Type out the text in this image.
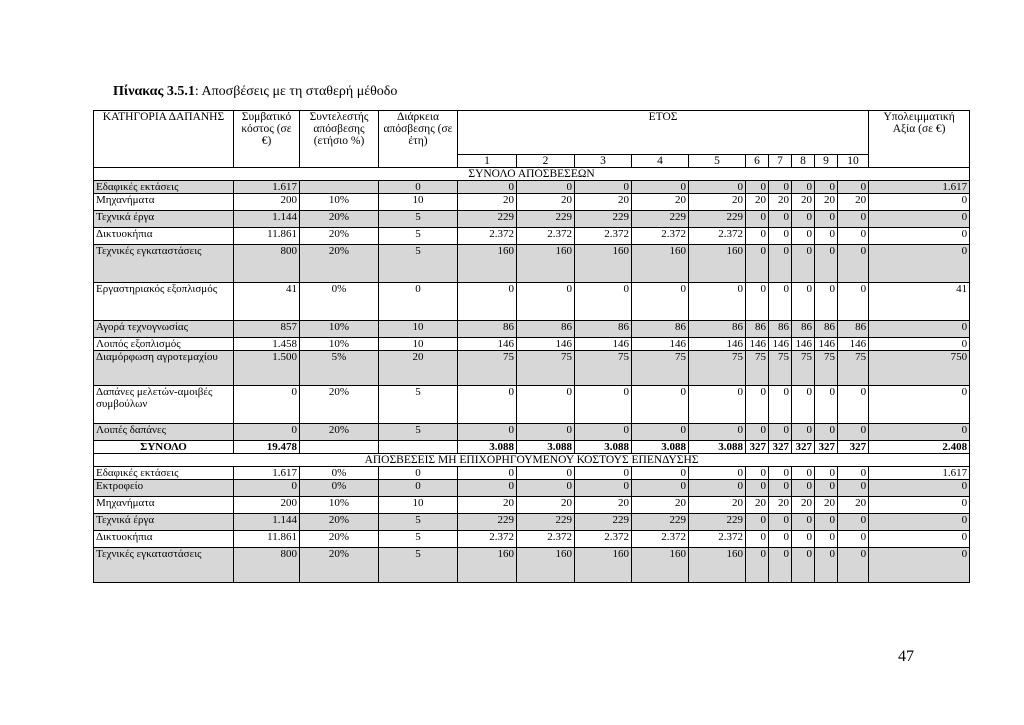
Πίνακας 3.5.1: Αποσβέσεις με τη σταθερή μέθοδο
ΚΑΤΗΓΟΡΙΑ ΔΑΠΑΝΗΣ	Συμβατικό κόστος (σε €)	Συντελεστής απόσβεσης (ετήσιο %)	Διάρκεια απόσβεσης (σε έτη)	ΕΤΟΣ										Υπολειμματική Αξία (σε €)
				1	2	3	4	5	6	7	8	9	10	
ΣΥΝΟΛΟ ΑΠΟΣΒΕΣΕΩΝ														
Εδαφικές εκτάσεις	1.617		0	0	0	0	0	0	0	0	0	0	0	1.617
Μηχανήματα	200	10%	10	20	20	20	20	20	20	20	20	20	20	0
Τεχνικά έργα	1.144	20%	5	229	229	229	229	229	0	0	0	0	0	0
Δικτυοκήπια	11.861	20%	5	2.372	2.372	2.372	2.372	2.372	0	0	0	0	0	0
Τεχνικές εγκαταστάσεις	800	20%	5	160	160	160	160	160	0	0	0	0	0	0
Εργαστηριακός εξοπλισμός	41	0%	0	0	0	0	0	0	0	0	0	0	0	41
Αγορά τεχνογνωσίας	857	10%	10	86	86	86	86	86	86	86	86	86	86	0
Λοιπός εξοπλισμός	1.458	10%	10	146	146	146	146	146	146	146	146	146	146	0
Διαμόρφωση αγροτεμαχίου	1.500	5%	20	75	75	75	75	75	75	75	75	75	75	750
Δαπάνες μελετών-αμοιβές συμβούλων	0	20%	5	0	0	0	0	0	0	0	0	0	0	0
Λοιπές δαπάνες	0	20%	5	0	0	0	0	0	0	0	0	0	0	0
ΣΥΝΟΛΟ	19.478			3.088	3.088	3.088	3.088	3.088	327	327	327	327	327	2.408
ΑΠΟΣΒΕΣΕΙΣ ΜΗ ΕΠΙΧΟΡΗΓΟΥΜΕΝΟΥ ΚΟΣΤΟΥΣ ΕΠΕΝΔΥΣΗΣ														
Εδαφικές εκτάσεις	1.617	0%	0	0	0	0	0	0	0	0	0	0	0	1.617
Εκτροφείο	0	0%	0	0	0	0	0	0	0	0	0	0	0	0
Μηχανήματα	200	10%	10	20	20	20	20	20	20	20	20	20	20	0
Τεχνικά έργα	1.144	20%	5	229	229	229	229	229	0	0	0	0	0	0
Δικτυοκήπια	11.861	20%	5	2.372	2.372	2.372	2.372	2.372	0	0	0	0	0	0
Τεχνικές εγκαταστάσεις	800	20%	5	160	160	160	160	160	0	0	0	0	0	0
47
